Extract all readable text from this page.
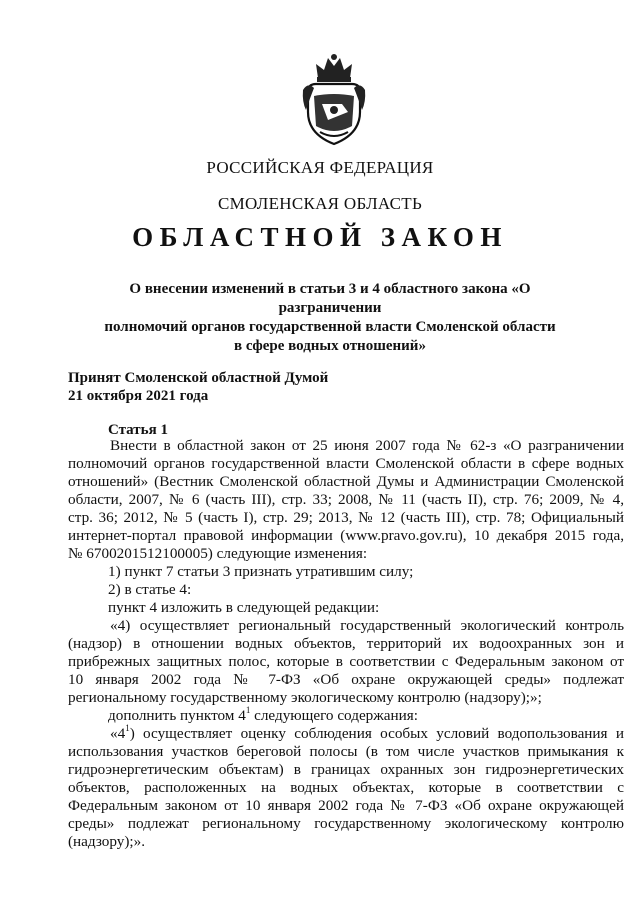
РОССИЙСКАЯ ФЕДЕРАЦИЯ
СМОЛЕНСКАЯ ОБЛАСТЬ
ОБЛАСТНОЙ ЗАКОН
О внесении изменений в статьи 3 и 4 областного закона «О разграничении
полномочий органов государственной власти Смоленской области
в сфере водных отношений»
Принят Смоленской областной Думой
21 октября 2021 года
Статья 1
Внести в областной закон от 25 июня 2007 года № 62-з «О разграничении
полномочий органов государственной власти Смоленской области в сфере водных
отношений» (Вестник Смоленской областной Думы и Администрации Смоленской
области, 2007, № 6 (часть III), стр. 33; 2008, № 11 (часть II), стр. 76; 2009, № 4,
стр. 36; 2012, № 5 (часть I), стр. 29; 2013, № 12 (часть III), стр. 78; Официальный
интернет-портал правовой информации (www.pravo.gov.ru), 10 декабря 2015 года,
№ 6700201512100005) следующие изменения:
1) пункт 7 статьи 3 признать утратившим силу;
2) в статье 4:
пункт 4 изложить в следующей редакции:
«4) осуществляет региональный государственный экологический контроль
(надзор) в отношении водных объектов, территорий их водоохранных зон и
прибрежных защитных полос, которые в соответствии с Федеральным законом от
10 января 2002 года № 7-ФЗ «Об охране окружающей среды» подлежат
региональному государственному экологическому контролю (надзору);»;
дополнить пунктом $4^1$ следующего содержания:
«$4^1$) осуществляет оценку соблюдения особых условий водопользования и
использования участков береговой полосы (в том числе участков примыкания к
гидроэнергетическим объектам) в границах охранных зон гидроэнергетических
объектов, расположенных на водных объектах, которые в соответствии с
Федеральным законом от 10 января 2002 года № 7-ФЗ «Об охране окружающей
среды» подлежат региональному государственному экологическому контролю
(надзору);».
